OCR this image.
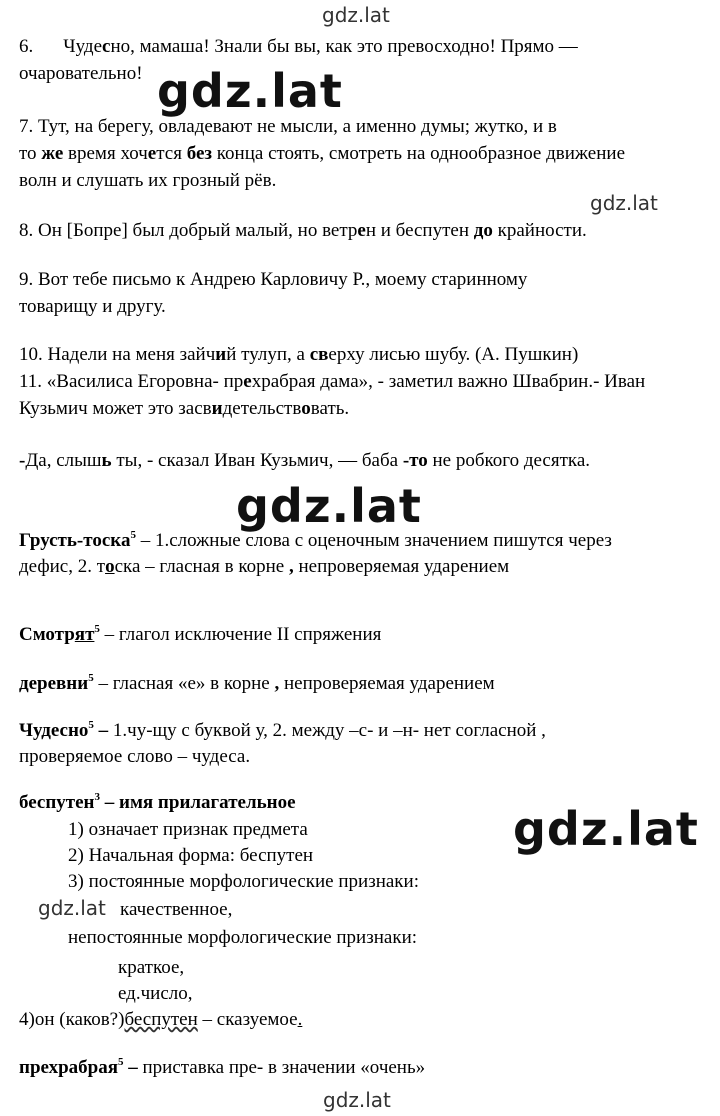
gdz.lat
gdz.lat
gdz.lat
gdz.lat
gdz.lat
gdz.lat
gdz.lat
6. Чудесно, мамаша! Знали бы вы, как это превосходно! Прямо —
очаровательно!
7. Тут, на берегу, овладевают не мысли, а именно думы; жутко, и в
то же время хочется без конца стоять, смотреть на однообразное движение
волн и слушать их грозный рёв.
8. Он [Бопре] был добрый малый, но ветрен и беспутен до крайности.
9. Вот тебе письмо к Андрею Карловичу Р., моему старинному
товарищу и другу.
10. Надели на меня зайчий тулуп, а сверху лисью шубу. (А. Пушкин)
11. «Василиса Егоровна- прехрабрая дама», - заметил важно Швабрин.- Иван
Кузьмич может это засвидетельствовать.
-Да, слышь ты, - сказал Иван Кузьмич, — баба -то не робкого десятка.
Грусть-тоска$^5$ – 1.сложные слова с оценочным значением пишутся через
дефис, 2. тоска – гласная в корне , непроверяемая ударением
Смотрят$^5$ – глагол исключение II спряжения
деревни$^5$ – гласная «е» в корне , непроверяемая ударением
Чудесно$^5$ – 1.чу-щу с буквой у, 2. между –с- и –н- нет согласной ,
проверяемое слово – чудеса.
беспутен$^3$ – имя прилагательное
1) означает признак предмета
2) Начальная форма: беспутен
3) постоянные морфологические признаки:
качественное,
непостоянные морфологические признаки:
краткое,
ед.число,
4)он (каков?)беспутен – сказуемое.
прехрабрая$^5$ – приставка пре- в значении «очень»
